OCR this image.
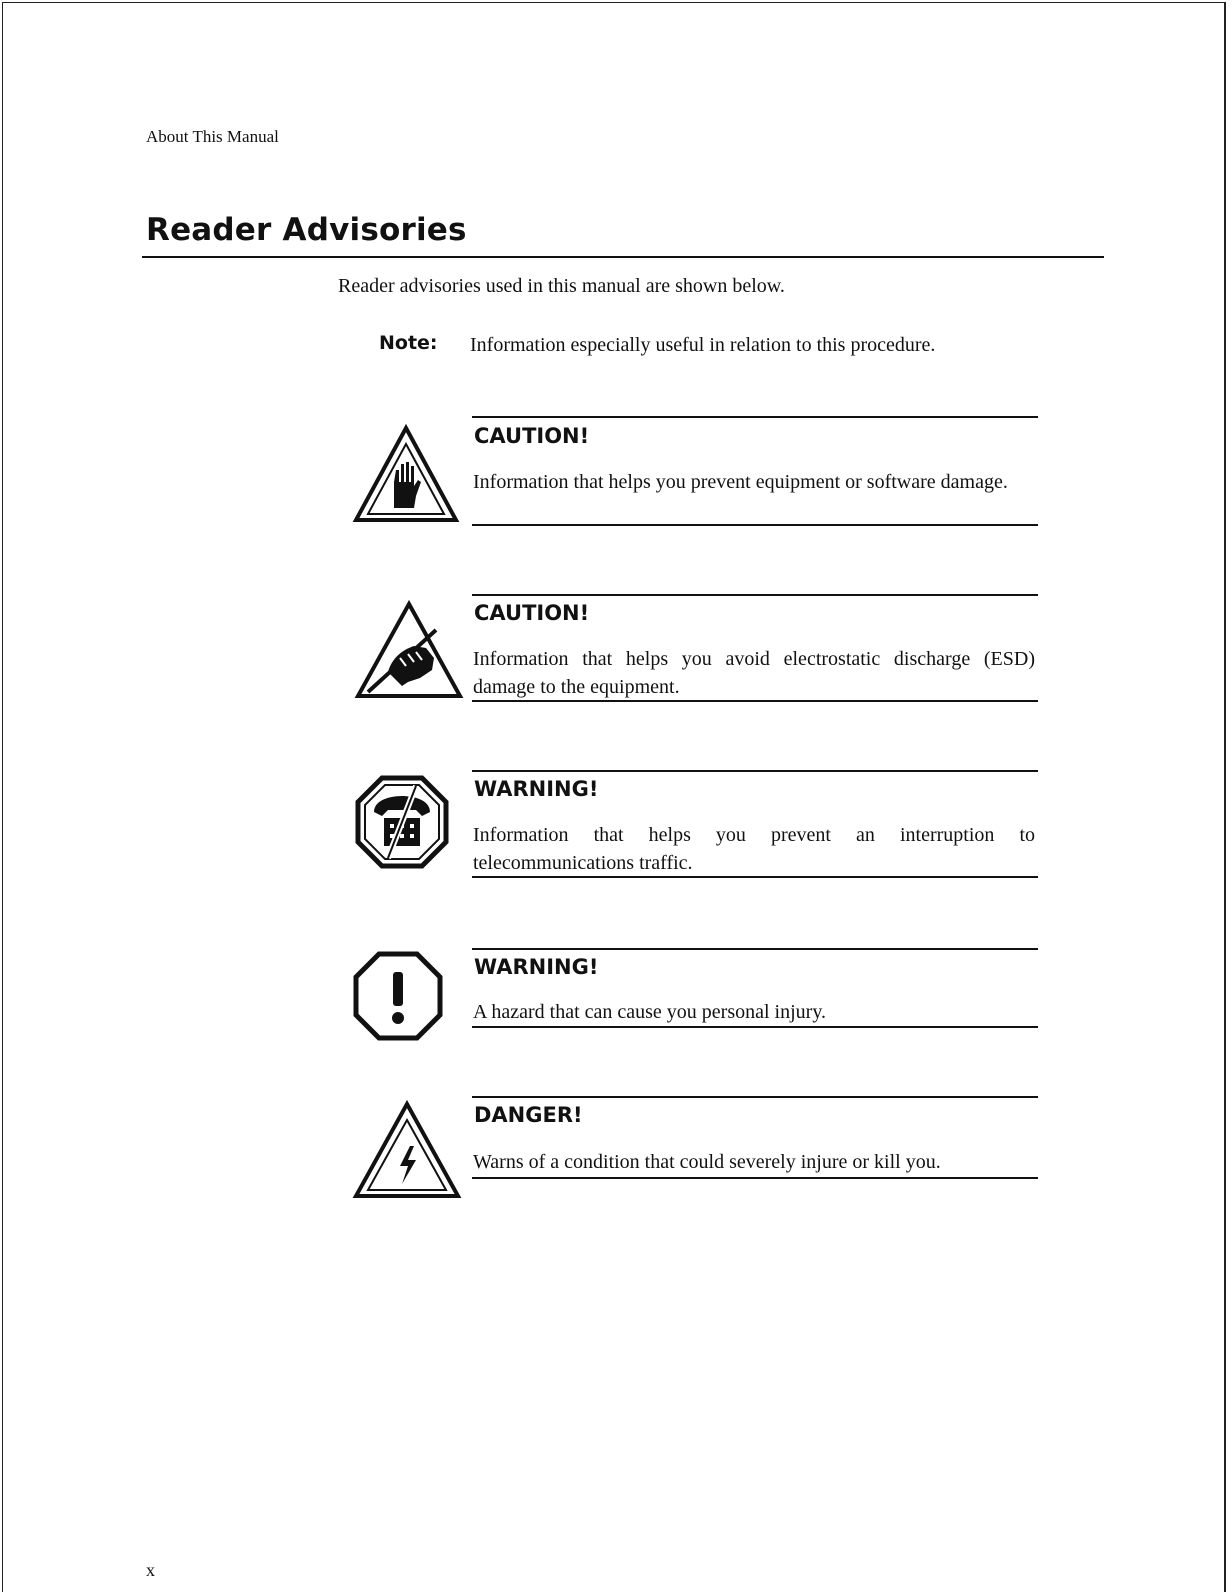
About This Manual
Reader Advisories
Reader advisories used in this manual are shown below.
Note: Information especially useful in relation to this procedure.
CAUTION!
Information that helps you prevent equipment or software damage.
CAUTION!
Information that helps you avoid electrostatic discharge (ESD) damage to the equipment.
WARNING!
Information that helps you prevent an interruption to telecommunications traffic.
WARNING!
A hazard that can cause you personal injury.
DANGER!
Warns of a condition that could severely injure or kill you.
x
